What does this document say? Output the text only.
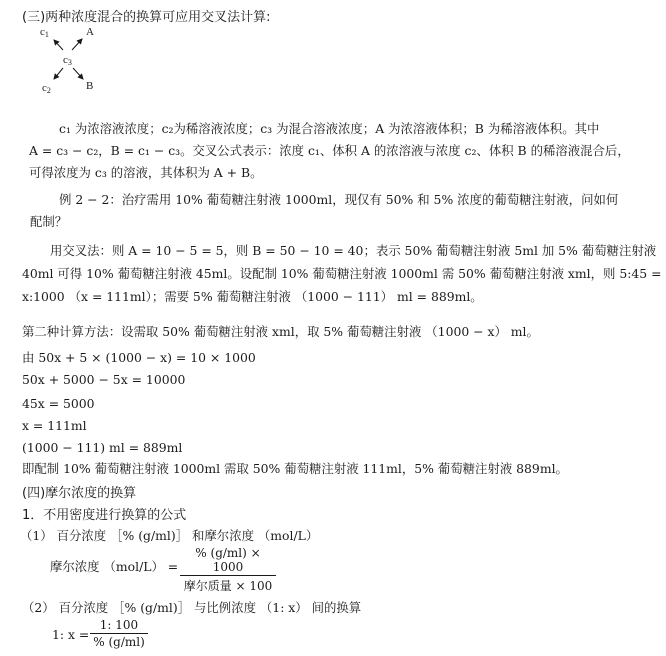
(三)两种浓度混合的换算可应用交叉法计算:
$c_1$	A
$c_3$
$c_2$	B
c₁ 为浓溶液浓度；c₂为稀溶液浓度；c₃ 为混合溶液浓度；A 为浓溶液体积；B 为稀溶液体积。其中
A = c₃ − c₂，B = c₁ − c₃。交叉公式表示：浓度 c₁、体积 A 的浓溶液与浓度 c₂、体积 B 的稀溶液混合后，
可得浓度为 c₃ 的溶液，其体积为 A + B。
例 2 − 2：治疗需用 10% 葡萄糖注射液 1000ml，现仅有 50% 和 5% 浓度的葡萄糖注射液，问如何
配制？
用交叉法：则 A = 10 − 5 = 5，则 B = 50 − 10 = 40；表示 50% 葡萄糖注射液 5ml 加 5% 葡萄糖注射液
40ml 可得 10% 葡萄糖注射液 45ml。设配制 10% 葡萄糖注射液 1000ml 需 50% 葡萄糖注射液 xml，则 5:45 =
x:1000 （x = 111ml）；需要 5% 葡萄糖注射液 （1000 − 111） ml = 889ml。
第二种计算方法：设需取 50% 葡萄糖注射液 xml，取 5% 葡萄糖注射液 （1000 − x） ml。
由 50x + 5 × (1000 − x) = 10 × 1000
50x + 5000 − 5x = 10000
45x = 5000
x = 111ml
(1000 − 111) ml = 889ml
即配制 10% 葡萄糖注射液 1000ml 需取 50% 葡萄糖注射液 111ml，5% 葡萄糖注射液 889ml。
(四)摩尔浓度的换算
1．不用密度进行换算的公式
（1） 百分浓度 ［% (g/ml)］ 和摩尔浓度 （mol/L）
摩尔浓度 （mol/L） =
% (g/ml) × 1000
摩尔质量 × 100
（2） 百分浓度 ［% (g/ml)］ 与比例浓度 （1: x） 间的换算
1: x =
1: 100
% (g/ml)
